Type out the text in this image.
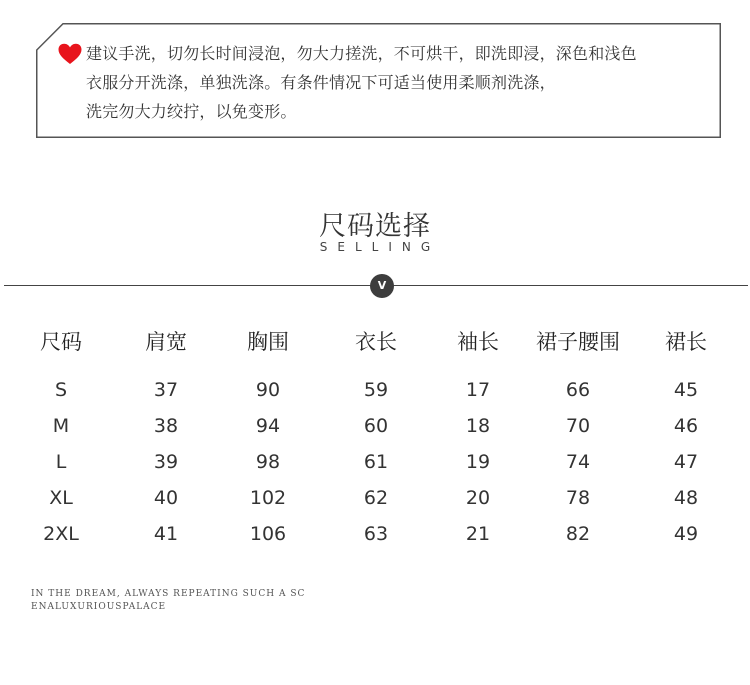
建议手洗，切勿长时间浸泡，勿大力搓洗，不可烘干，即洗即浸，深色和浅色
衣服分开洗涤，单独洗涤。有条件情况下可适当使用柔顺剂洗涤，
洗完勿大力绞拧，以免变形。
尺码选择
SELLING
V
尺码	肩宽	胸围	衣长	袖长	裙子腰围	裙长
S	37	90	59	17	66	45
M	38	94	60	18	70	46
L	39	98	61	19	74	47
XL	40	102	62	20	78	48
2XL	41	106	63	21	82	49
IN THE DREAM, ALWAYS REPEATING SUCH A SC
ENALUXURIOUSPALACE
